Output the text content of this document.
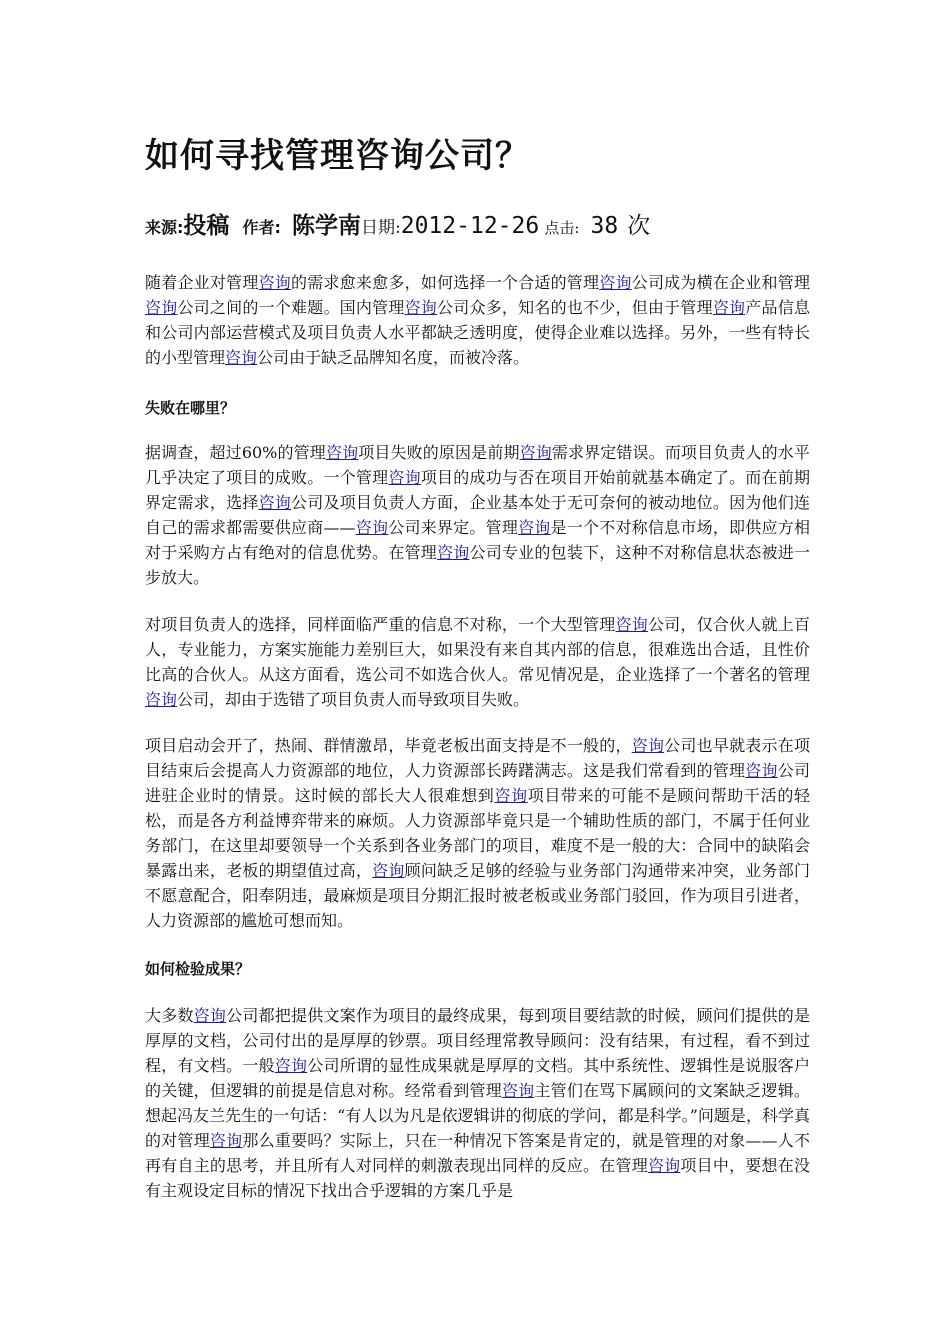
如何寻找管理咨询公司？
来源:投稿 作者: 陈学南日期:2012-12-26 点击: 38 次

随着企业对管理咨询的需求愈来愈多，如何选择一个合适的管理咨询公司成为横在企业和管理咨询公司之间的一个难题。国内管理咨询公司众多，知名的也不少，但由于管理咨询产品信息和公司内部运营模式及项目负责人水平都缺乏透明度，使得企业难以选择。另外，一些有特长的小型管理咨询公司由于缺乏品牌知名度，而被冷落。

失败在哪里？

据调查，超过60%的管理咨询项目失败的原因是前期咨询需求界定错误。而项目负责人的水平几乎决定了项目的成败。一个管理咨询项目的成功与否在项目开始前就基本确定了。而在前期界定需求，选择咨询公司及项目负责人方面，企业基本处于无可奈何的被动地位。因为他们连自己的需求都需要供应商——咨询公司来界定。管理咨询是一个不对称信息市场，即供应方相对于采购方占有绝对的信息优势。在管理咨询公司专业的包装下，这种不对称信息状态被进一步放大。

对项目负责人的选择，同样面临严重的信息不对称，一个大型管理咨询公司，仅合伙人就上百人，专业能力，方案实施能力差别巨大，如果没有来自其内部的信息，很难选出合适，且性价比高的合伙人。从这方面看，选公司不如选合伙人。常见情况是，企业选择了一个著名的管理咨询公司，却由于选错了项目负责人而导致项目失败。

项目启动会开了，热闹、群情激昂，毕竟老板出面支持是不一般的，咨询公司也早就表示在项目结束后会提高人力资源部的地位，人力资源部长踌躇满志。这是我们常看到的管理咨询公司进驻企业时的情景。这时候的部长大人很难想到咨询项目带来的可能不是顾问帮助干活的轻松，而是各方利益博弈带来的麻烦。人力资源部毕竟只是一个辅助性质的部门，不属于任何业务部门，在这里却要领导一个关系到各业务部门的项目，难度不是一般的大：合同中的缺陷会暴露出来，老板的期望值过高，咨询顾问缺乏足够的经验与业务部门沟通带来冲突，业务部门不愿意配合，阳奉阴违，最麻烦是项目分期汇报时被老板或业务部门驳回，作为项目引进者，人力资源部的尴尬可想而知。

如何检验成果？

大多数咨询公司都把提供文案作为项目的最终成果，每到项目要结款的时候，顾问们提供的是厚厚的文档，公司付出的是厚厚的钞票。项目经理常教导顾问：没有结果，有过程，看不到过程，有文档。一般咨询公司所谓的显性成果就是厚厚的文档。其中系统性、逻辑性是说服客户的关键，但逻辑的前提是信息对称。经常看到管理咨询主管们在骂下属顾问的文案缺乏逻辑。想起冯友兰先生的一句话：“有人以为凡是依逻辑讲的彻底的学问，都是科学。”问题是，科学真的对管理咨询那么重要吗？实际上，只在一种情况下答案是肯定的，就是管理的对象——人不再有自主的思考，并且所有人对同样的刺激表现出同样的反应。在管理咨询项目中，要想在没有主观设定目标的情况下找出合乎逻辑的方案几乎是
